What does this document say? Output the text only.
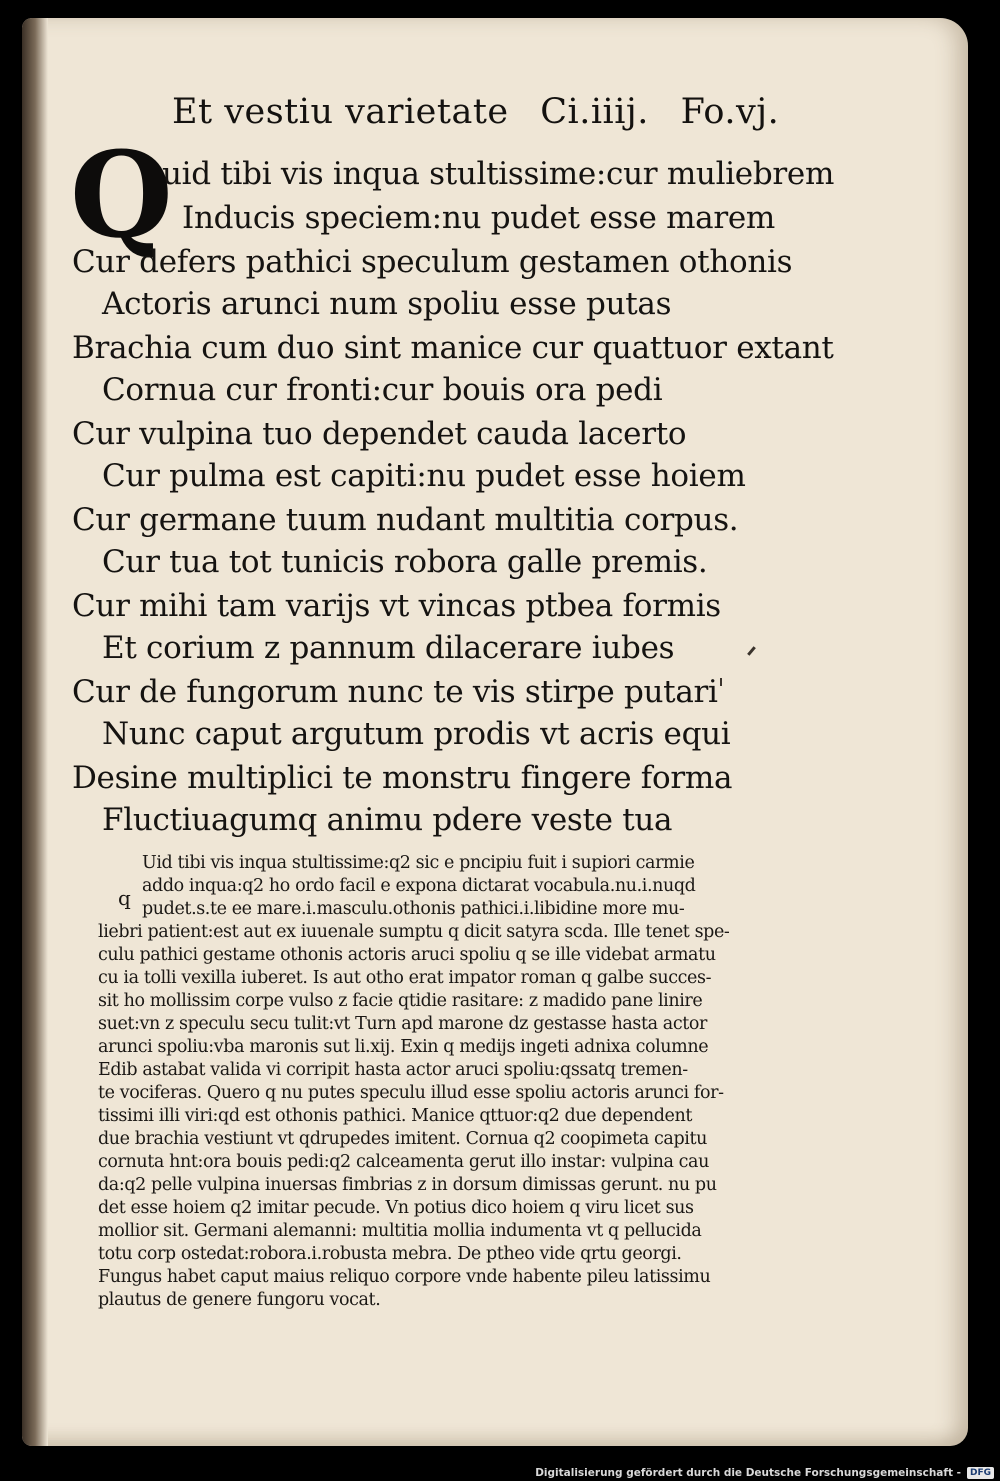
Et vestiu varietate Ci.iiij. Fo.vj.
Q
uid tibi vis inqua stultissime:cur muliebrem
Inducis speciem:nu pudet esse marem
Cur defers pathici speculum gestamen othonis
Actoris arunci num spoliu esse putas
Brachia cum duo sint manice cur quattuor extant
Cornua cur fronti:cur bouis ora pedi
Cur vulpina tuo dependet cauda lacerto
Cur pulma est capiti:nu pudet esse hoiem
Cur germane tuum nudant multitia corpus.
Cur tua tot tunicis robora galle premis.
Cur mihi tam varijs vt vincas ptbea formis
Et corium z pannum dilacerare iubes
Cur de fungorum nunc te vis stirpe putari
Nunc caput argutum prodis vt acris equi
Desine multiplici te monstru fingere forma
Fluctiuagumq animu pdere veste tua
q
Uid tibi vis inqua stultissime:q2 sic e pncipiu fuit i supiori carmie
addo inqua:q2 ho ordo facil e expona dictarat vocabula.nu.i.nuqd
pudet.s.te ee mare.i.masculu.othonis pathici.i.libidine more mu-
liebri patient:est aut ex iuuenale sumptu q dicit satyra scda. Ille tenet spe-
culu pathici gestame othonis actoris aruci spoliu q se ille videbat armatu
cu ia tolli vexilla iuberet. Is aut otho erat impator roman q galbe succes-
sit ho mollissim corpe vulso z facie qtidie rasitare: z madido pane linire
suet:vn z speculu secu tulit:vt Turn apd marone dz gestasse hasta actor
arunci spoliu:vba maronis sut li.xij. Exin q medijs ingeti adnixa columne
Edib astabat valida vi corripit hasta actor aruci spoliu:qssatq tremen-
te vociferas. Quero q nu putes speculu illud esse spoliu actoris arunci for-
tissimi illi viri:qd est othonis pathici. Manice qttuor:q2 due dependent
due brachia vestiunt vt qdrupedes imitent. Cornua q2 coopimeta capitu
cornuta hnt:ora bouis pedi:q2 calceamenta gerut illo instar: vulpina cau
da:q2 pelle vulpina inuersas fimbrias z in dorsum dimissas gerunt. nu pu
det esse hoiem q2 imitar pecude. Vn potius dico hoiem q viru licet sus
mollior sit. Germani alemanni: multitia mollia indumenta vt q pellucida
totu corp ostedat:robora.i.robusta mebra. De ptheo vide qrtu georgi.
Fungus habet caput maius reliquo corpore vnde habente pileu latissimu
plautus de genere fungoru vocat.
Digitalisierung gefördert durch die Deutsche Forschungsgemeinschaft -	DFG
